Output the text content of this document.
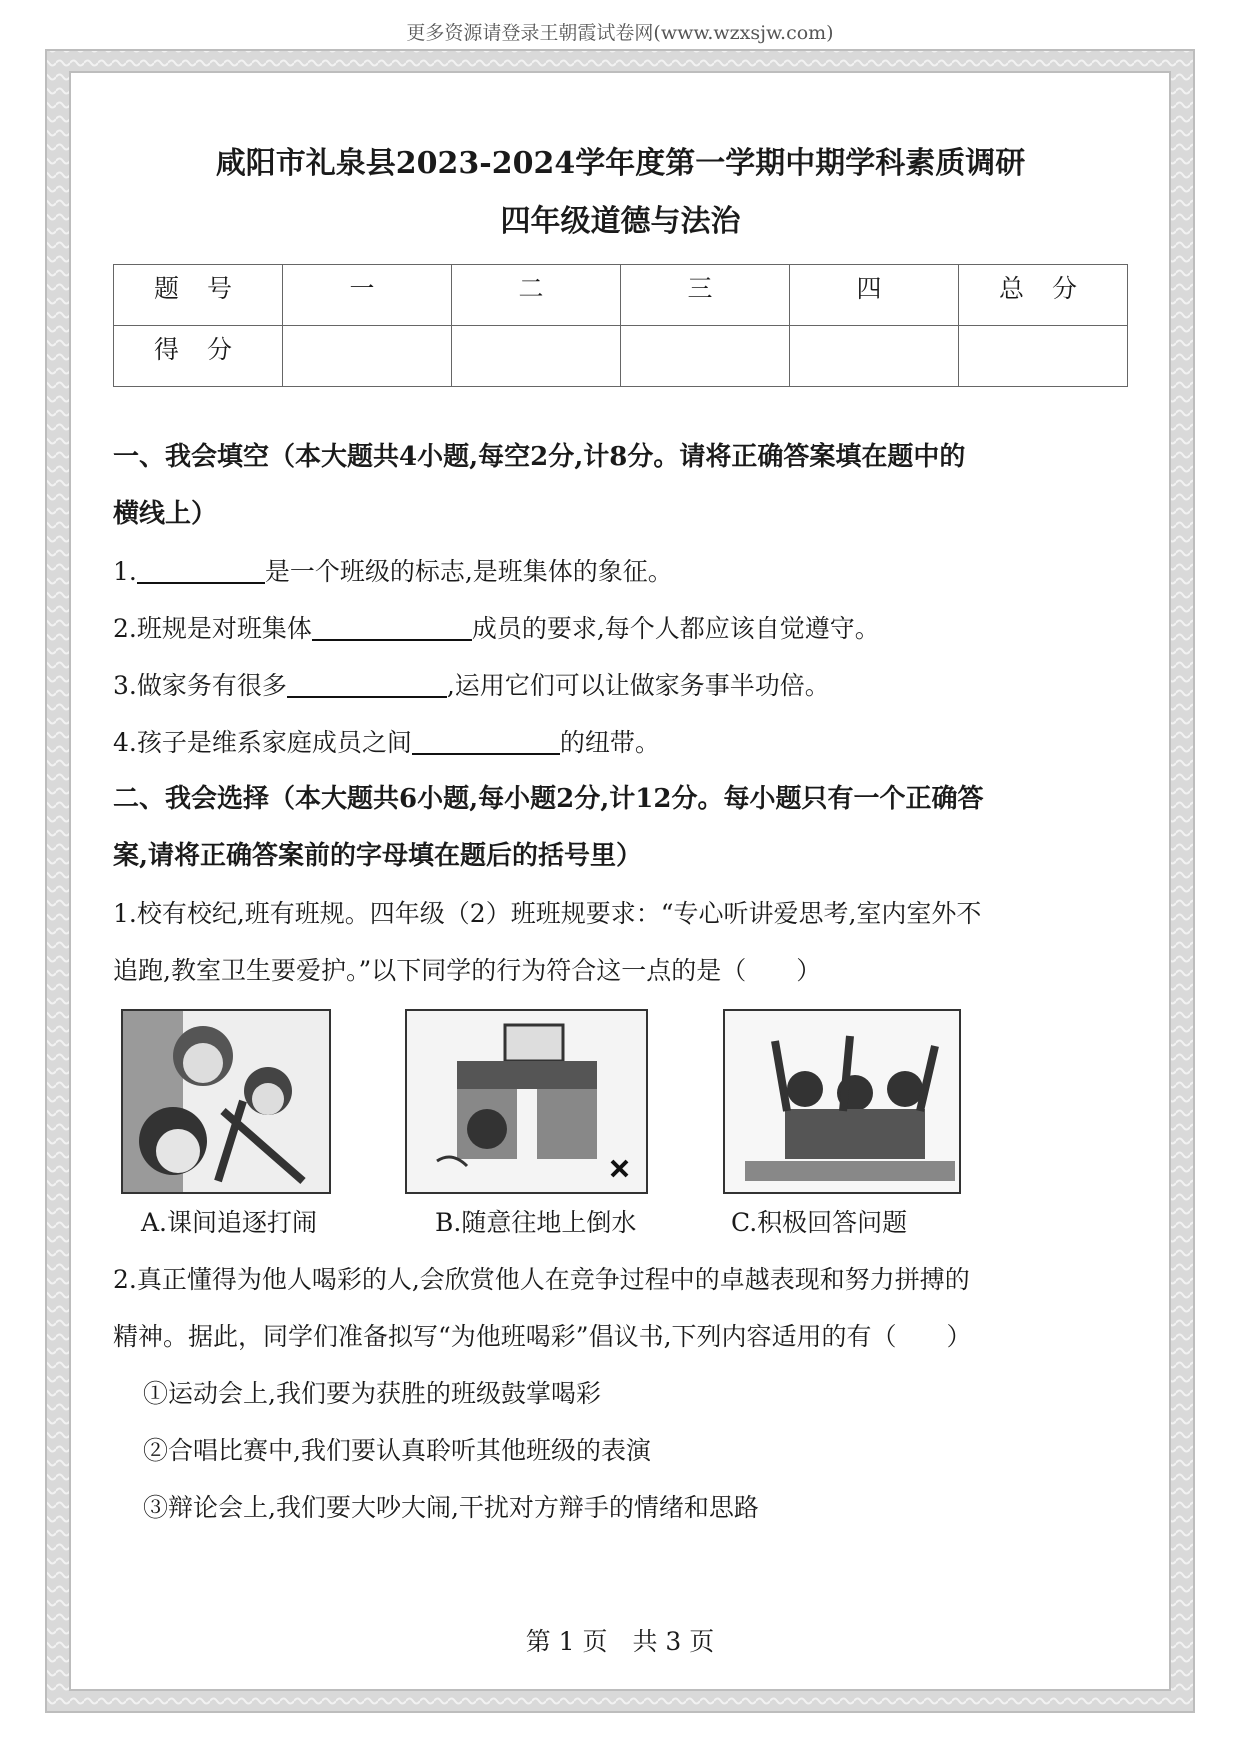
更多资源请登录王朝霞试卷网(www.wzxsjw.com)

咸阳市礼泉县2023-2024学年度第一学期中期学科素质调研

四年级道德与法治

题 号	一	二	三	四	总 分
得 分					
一、我会填空（本大题共4小题,每空2分,计8分。请将正确答案填在题中的
横线上）
1.	是一个班级的标志,是班集体的象征。
2.班规是对班集体	成员的要求,每个人都应该自觉遵守。
3.做家务有很多	,运用它们可以让做家务事半功倍。
4.孩子是维系家庭成员之间	的纽带。
二、我会选择（本大题共6小题,每小题2分,计12分。每小题只有一个正确答
案,请将正确答案前的字母填在题后的括号里）
1.校有校纪,班有班规。四年级（2）班班规要求：“专心听讲爱思考,室内室外不
追跑,教室卫生要爱护。”以下同学的行为符合这一点的是（　　）
A.课间追逐打闹	B.随意往地上倒水	C.积极回答问题
2.真正懂得为他人喝彩的人,会欣赏他人在竞争过程中的卓越表现和努力拼搏的
精神。据此，同学们准备拟写“为他班喝彩”倡议书,下列内容适用的有（　　）
①运动会上,我们要为获胜的班级鼓掌喝彩
②合唱比赛中,我们要认真聆听其他班级的表演
③辩论会上,我们要大吵大闹,干扰对方辩手的情绪和思路
第 1 页　共 3 页
